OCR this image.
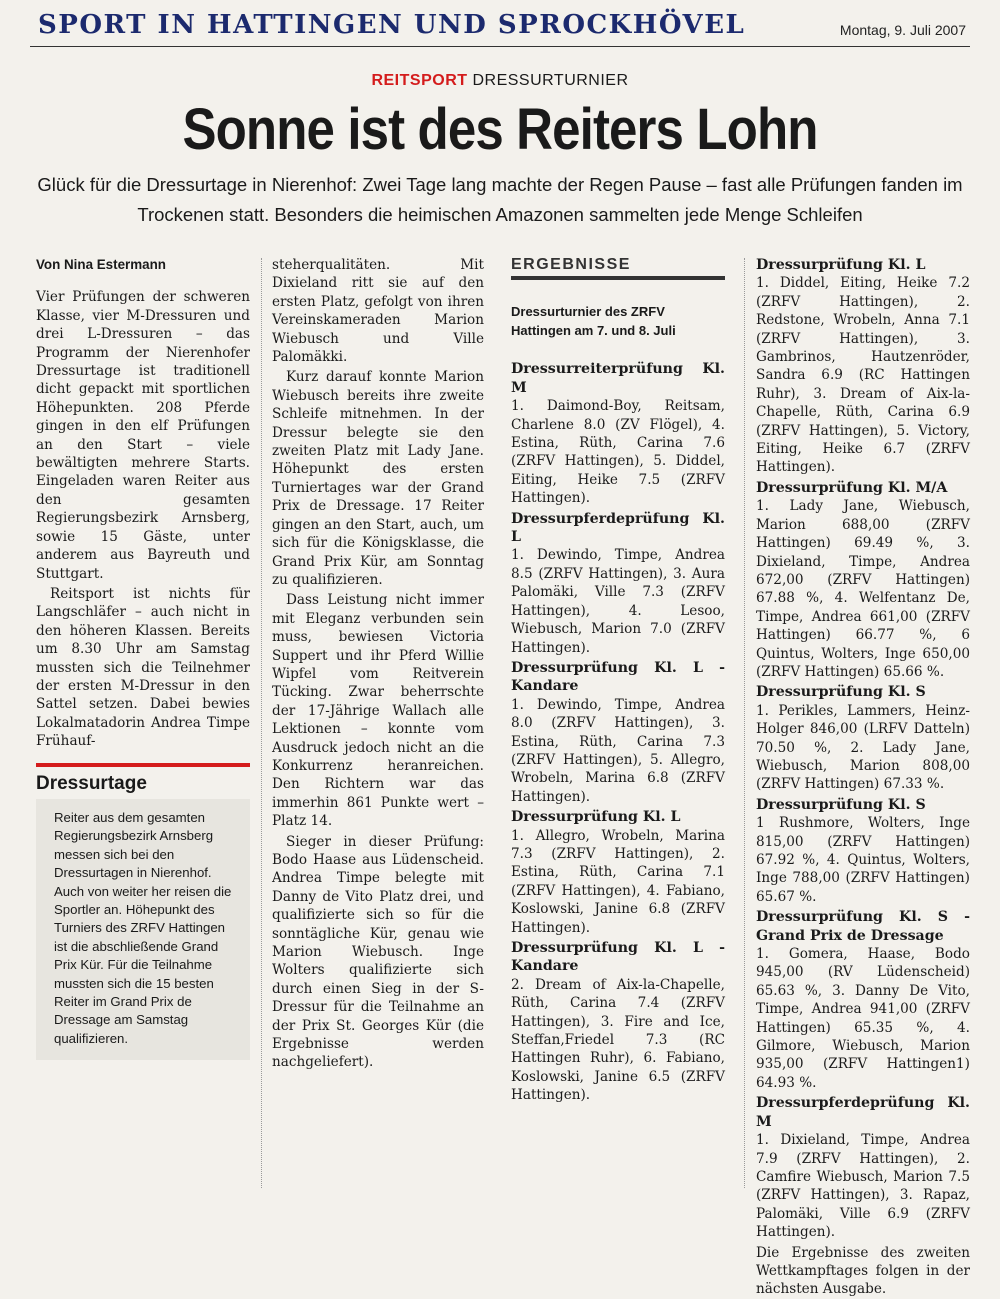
SPORT IN HATTINGEN UND SPROCKHÖVEL	Montag, 9. Juli 2007
REITSPORT DRESSURTURNIER
Sonne ist des Reiters Lohn
Glück für die Dressurtage in Nierenhof: Zwei Tage lang machte der Regen Pause – fast alle Prüfungen fanden im Trockenen statt. Besonders die heimischen Amazonen sammelten jede Menge Schleifen
Von Nina Estermann

Vier Prüfungen der schweren Klasse, vier M-Dressuren und drei L-Dressuren – das Programm der Nierenhofer Dressurtage ist traditionell dicht gepackt mit sportlichen Höhepunkten. 208 Pferde gingen in den elf Prüfungen an den Start – viele bewältigten mehrere Starts. Eingeladen waren Reiter aus den gesamten Regierungsbezirk Arnsberg, sowie 15 Gäste, unter anderem aus Bayreuth und Stuttgart.

Reitsport ist nichts für Langschläfer – auch nicht in den höheren Klassen. Bereits um 8.30 Uhr am Samstag mussten sich die Teilnehmer der ersten M-Dressur in den Sattel setzen. Dabei bewies Lokalmatadorin Andrea Timpe Frühauf-

Dressurtage
Reiter aus dem gesamten Regierungsbezirk Arnsberg messen sich bei den Dressurtagen in Nierenhof. Auch von weiter her reisen die Sportler an. Höhepunkt des Turniers des ZRFV Hattingen ist die abschließende Grand Prix Kür. Für die Teilnahme mussten sich die 15 besten Reiter im Grand Prix de Dressage am Samstag qualifizieren.

steherqualitäten. Mit Dixieland ritt sie auf den ersten Platz, gefolgt von ihren Vereinskameraden Marion Wiebusch und Ville Palomäkki.

Kurz darauf konnte Marion Wiebusch bereits ihre zweite Schleife mitnehmen. In der Dressur belegte sie den zweiten Platz mit Lady Jane. Höhepunkt des ersten Turniertages war der Grand Prix de Dressage. 17 Reiter gingen an den Start, auch, um sich für die Königsklasse, die Grand Prix Kür, am Sonntag zu qualifizieren.

Dass Leistung nicht immer mit Eleganz verbunden sein muss, bewiesen Victoria Suppert und ihr Pferd Willie Wipfel vom Reitverein Tücking. Zwar beherrschte der 17-Jährige Wallach alle Lektionen – konnte vom Ausdruck jedoch nicht an die Konkurrenz heranreichen. Den Richtern war das immerhin 861 Punkte wert – Platz 14.

Sieger in dieser Prüfung: Bodo Haase aus Lüdenscheid. Andrea Timpe belegte mit Danny de Vito Platz drei, und qualifizierte sich so für die sonntägliche Kür, genau wie Marion Wiebusch. Inge Wolters qualifizierte sich durch einen Sieg in der S-Dressur für die Teilnahme an der Prix St. Georges Kür (die Ergebnisse werden nachgeliefert).

ERGEBNISSE
Dressurturnier des ZRFV Hattingen am 7. und 8. Juli
Dressurreiterprüfung Kl. M
1. Daimond-Boy, Reitsam, Charlene 8.0 (ZV Flögel), 4. Estina, Rüth, Carina 7.6 (ZRFV Hattingen), 5. Diddel, Eiting, Heike 7.5 (ZRFV Hattingen).
Dressurpferdeprüfung Kl. L
1. Dewindo, Timpe, Andrea 8.5 (ZRFV Hattingen), 3. Aura Palomäki, Ville 7.3 (ZRFV Hattingen), 4. Lesoo, Wiebusch, Marion 7.0 (ZRFV Hattingen).
Dressurprüfung Kl. L - Kandare
1. Dewindo, Timpe, Andrea 8.0 (ZRFV Hattingen), 3. Estina, Rüth, Carina 7.3 (ZRFV Hattingen), 5. Allegro, Wrobeln, Marina 6.8 (ZRFV Hattingen).
Dressurprüfung Kl. L
1. Allegro, Wrobeln, Marina 7.3 (ZRFV Hattingen), 2. Estina, Rüth, Carina 7.1 (ZRFV Hattingen), 4. Fabiano, Koslowski, Janine 6.8 (ZRFV Hattingen).
Dressurprüfung Kl. L - Kandare
2. Dream of Aix-la-Chapelle, Rüth, Carina 7.4 (ZRFV Hattingen), 3. Fire and Ice, Steffan,Friedel 7.3 (RC Hattingen Ruhr), 6. Fabiano, Koslowski, Janine 6.5 (ZRFV Hattingen).
Dressurprüfung Kl. L
1. Diddel, Eiting, Heike 7.2 (ZRFV Hattingen), 2. Redstone, Wrobeln, Anna 7.1 (ZRFV Hattingen), 3. Gambrinos, Hautzenröder, Sandra 6.9 (RC Hattingen Ruhr), 3. Dream of Aix-la-Chapelle, Rüth, Carina 6.9 (ZRFV Hattingen), 5. Victory, Eiting, Heike 6.7 (ZRFV Hattingen).
Dressurprüfung Kl. M/A
1. Lady Jane, Wiebusch, Marion 688,00 (ZRFV Hattingen) 69.49 %, 3. Dixieland, Timpe, Andrea 672,00 (ZRFV Hattingen) 67.88 %, 4. Welfentanz De, Timpe, Andrea 661,00 (ZRFV Hattingen) 66.77 %, 6 Quintus, Wolters, Inge 650,00 (ZRFV Hattingen) 65.66 %.
Dressurprüfung Kl. S
1. Perikles, Lammers, Heinz-Holger 846,00 (LRFV Datteln) 70.50 %, 2. Lady Jane, Wiebusch, Marion 808,00 (ZRFV Hattingen) 67.33 %.
Dressurprüfung Kl. S
1 Rushmore, Wolters, Inge 815,00 (ZRFV Hattingen) 67.92 %, 4. Quintus, Wolters, Inge 788,00 (ZRFV Hattingen) 65.67 %.
Dressurprüfung Kl. S - Grand Prix de Dressage
1. Gomera, Haase, Bodo 945,00 (RV Lüdenscheid) 65.63 %, 3. Danny De Vito, Timpe, Andrea 941,00 (ZRFV Hattingen) 65.35 %, 4. Gilmore, Wiebusch, Marion 935,00 (ZRFV Hattingen1) 64.93 %.
Dressurpferdeprüfung Kl. M
1. Dixieland, Timpe, Andrea 7.9 (ZRFV Hattingen), 2. Camfire Wiebusch, Marion 7.5 (ZRFV Hattingen), 3. Rapaz, Palomäki, Ville 6.9 (ZRFV Hattingen).
Die Ergebnisse des zweiten Wettkampftages folgen in der nächsten Ausgabe.
